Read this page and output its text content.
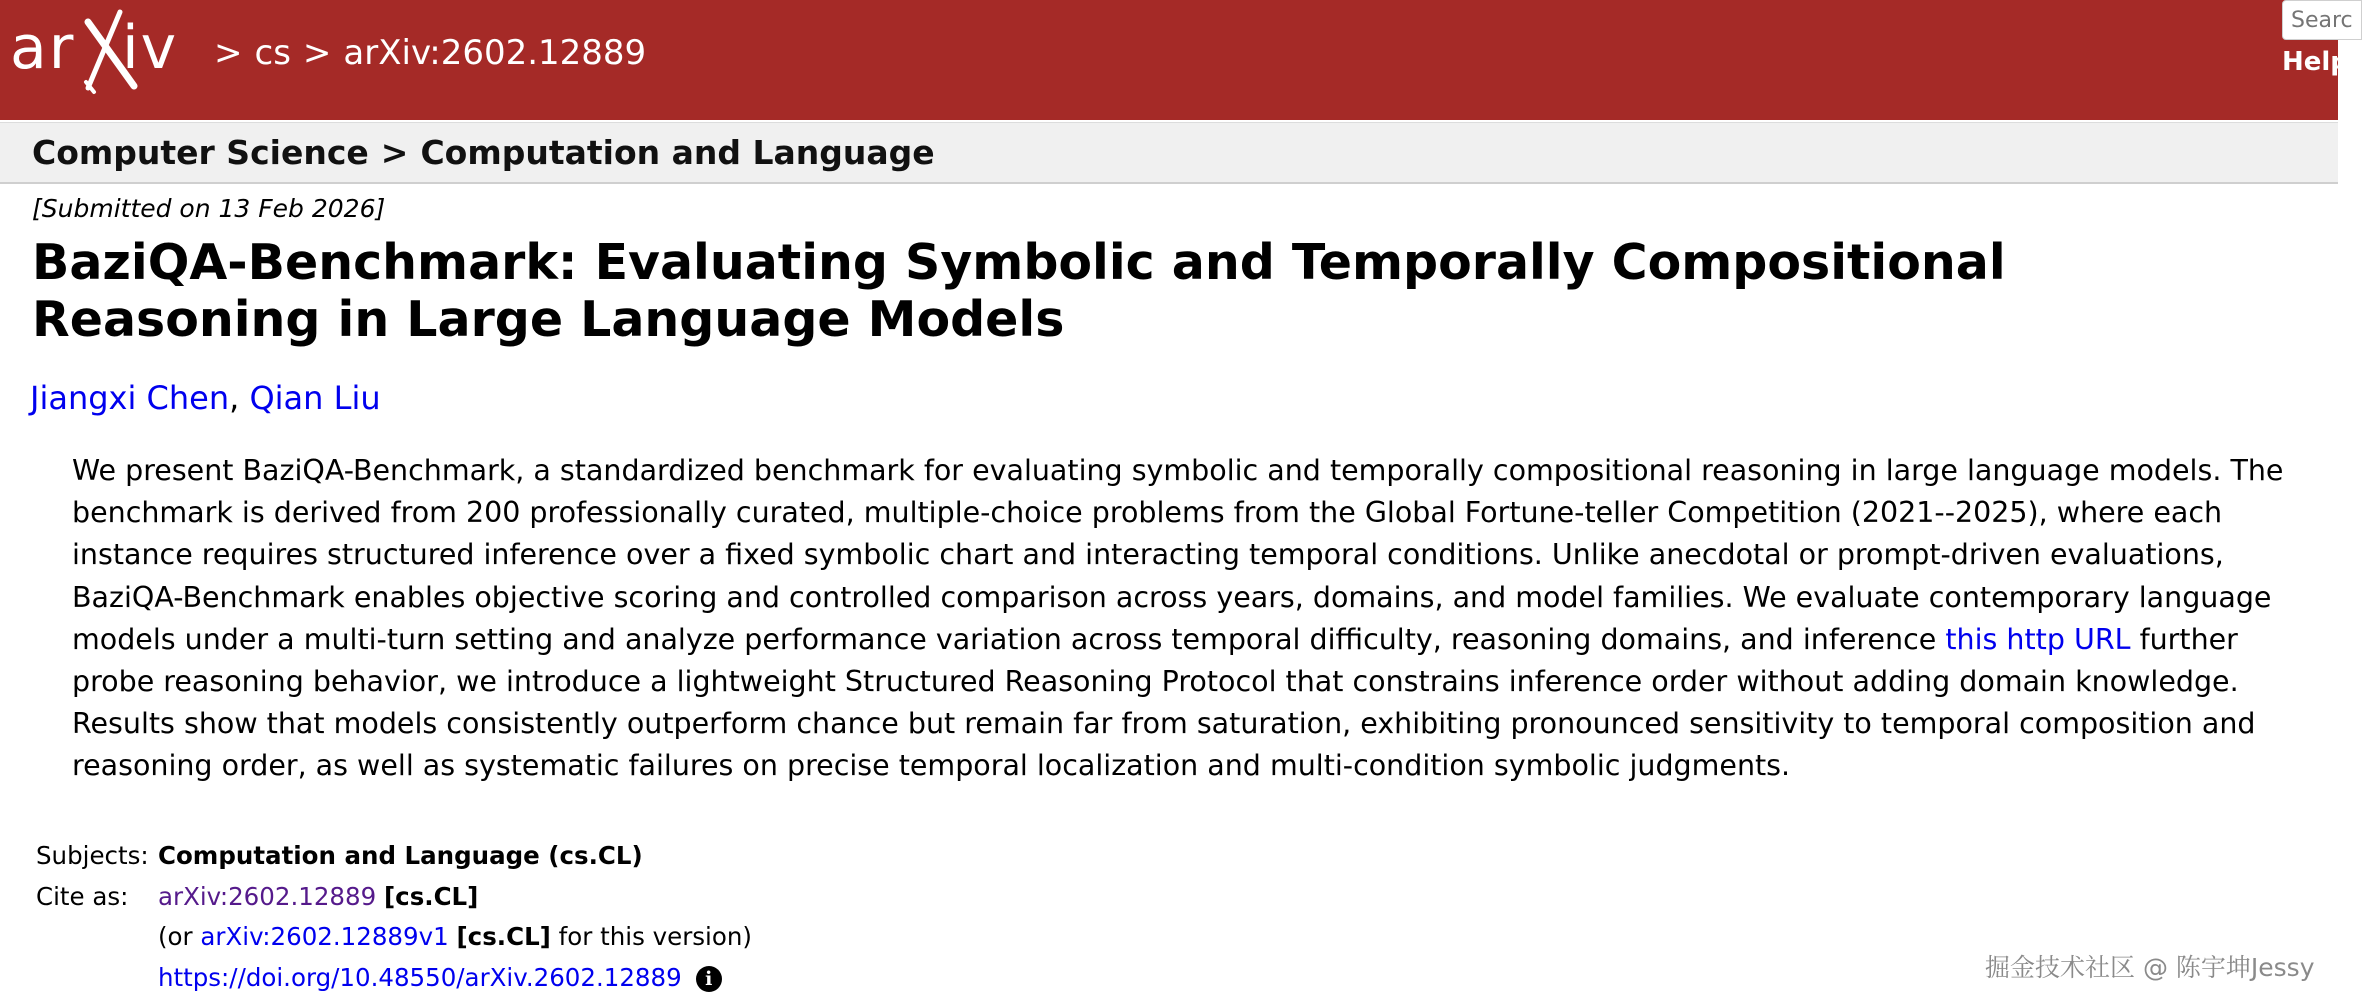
ar iv	> cs > arXiv:2602.12889
Search...	Help
Computer Science > Computation and Language
[Submitted on 13 Feb 2026]
BaziQA-Benchmark: Evaluating Symbolic and Temporally Compositional Reasoning in Large Language Models
Jiangxi Chen, Qian Liu

We present BaziQA-Benchmark, a standardized benchmark for evaluating symbolic and temporally compositional reasoning in large language models. The benchmark is derived from 200 professionally curated, multiple-choice problems from the Global Fortune-teller Competition (2021--2025), where each instance requires structured inference over a fixed symbolic chart and interacting temporal conditions. Unlike anecdotal or prompt-driven evaluations, BaziQA-Benchmark enables objective scoring and controlled comparison across years, domains, and model families. We evaluate contemporary language models under a multi-turn setting and analyze performance variation across temporal difficulty, reasoning domains, and inference this http URL further probe reasoning behavior, we introduce a lightweight Structured Reasoning Protocol that constrains inference order without adding domain knowledge. Results show that models consistently outperform chance but remain far from saturation, exhibiting pronounced sensitivity to temporal composition and reasoning order, as well as systematic failures on precise temporal localization and multi-condition symbolic judgments.

Subjects: Computation and Language (cs.CL)
Cite as: arXiv:2602.12889 [cs.CL]
(or arXiv:2602.12889v1 [cs.CL] for this version)
https://doi.org/10.48550/arXiv.2602.12889 i	掘金技术社区 @ 陈宇坤Jessy
